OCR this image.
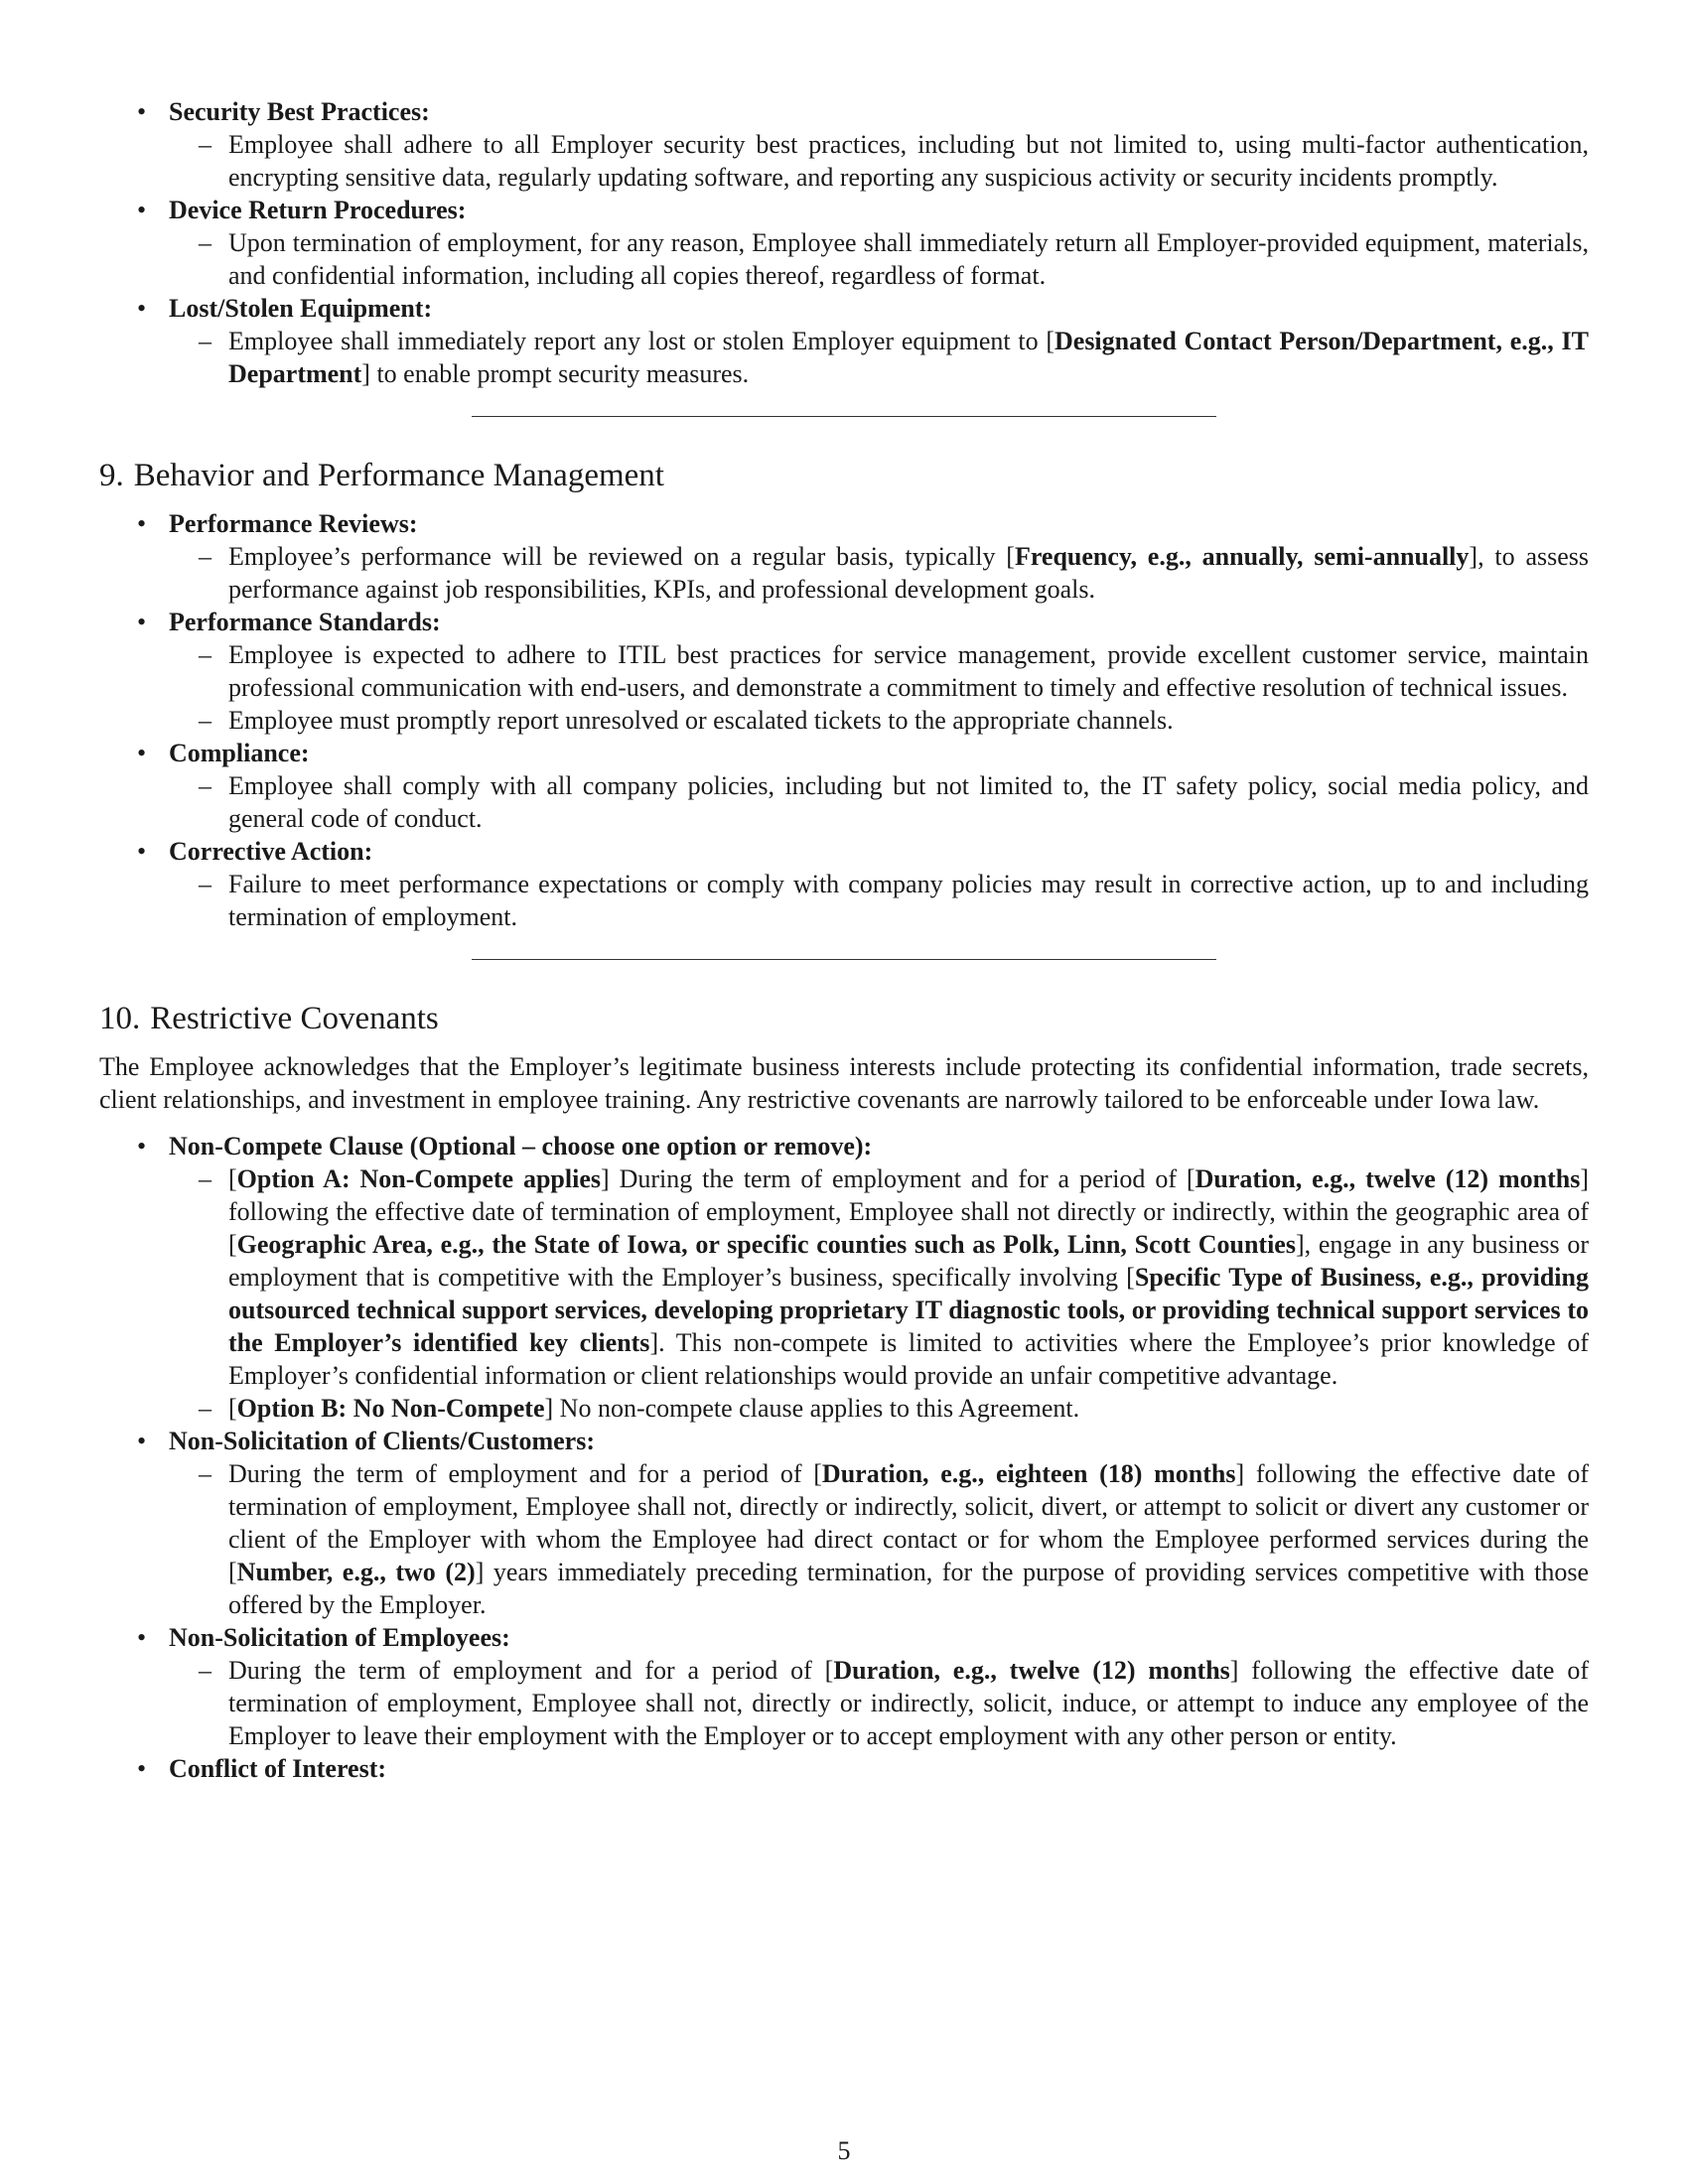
• Security Best Practices:
– Employee shall adhere to all Employer security best practices, including but not limited to, using multi-factor authentication, encrypting sensitive data, regularly updating software, and reporting any suspicious activity or security incidents promptly.
• Device Return Procedures:
– Upon termination of employment, for any reason, Employee shall immediately return all Employer-provided equipment, materials, and confidential information, including all copies thereof, regardless of format.
• Lost/Stolen Equipment:
– Employee shall immediately report any lost or stolen Employer equipment to [Designated Contact Person/Department, e.g., IT Department] to enable prompt security measures.
9. Behavior and Performance Management
• Performance Reviews:
– Employee’s performance will be reviewed on a regular basis, typically [Frequency, e.g., annually, semi-annually], to assess performance against job responsibilities, KPIs, and professional development goals.
• Performance Standards:
– Employee is expected to adhere to ITIL best practices for service management, provide excellent customer service, maintain professional communication with end-users, and demonstrate a commitment to timely and effective resolution of technical issues.
– Employee must promptly report unresolved or escalated tickets to the appropriate channels.
• Compliance:
– Employee shall comply with all company policies, including but not limited to, the IT safety policy, social media policy, and general code of conduct.
• Corrective Action:
– Failure to meet performance expectations or comply with company policies may result in corrective action, up to and including termination of employment.
10. Restrictive Covenants

The Employee acknowledges that the Employer’s legitimate business interests include protecting its confidential information, trade secrets, client relationships, and investment in employee training. Any restrictive covenants are narrowly tailored to be enforceable under Iowa law.

• Non-Compete Clause (Optional – choose one option or remove):
– [Option A: Non-Compete applies] During the term of employment and for a period of [Duration, e.g., twelve (12) months] following the effective date of termination of employment, Employee shall not directly or indirectly, within the geographic area of [Geographic Area, e.g., the State of Iowa, or specific counties such as Polk, Linn, Scott Counties], engage in any business or employment that is competitive with the Employer’s business, specifically involving [Specific Type of Business, e.g., providing outsourced technical support services, developing proprietary IT diagnostic tools, or providing technical support services to the Employer’s identified key clients]. This non-compete is limited to activities where the Employee’s prior knowledge of Employer’s confidential information or client relationships would provide an unfair competitive advantage.
– [Option B: No Non-Compete] No non-compete clause applies to this Agreement.
• Non-Solicitation of Clients/Customers:
– During the term of employment and for a period of [Duration, e.g., eighteen (18) months] following the effective date of termination of employment, Employee shall not, directly or indirectly, solicit, divert, or attempt to solicit or divert any customer or client of the Employer with whom the Employee had direct contact or for whom the Employee performed services during the [Number, e.g., two (2)] years immediately preceding termination, for the purpose of providing services competitive with those offered by the Employer.
• Non-Solicitation of Employees:
– During the term of employment and for a period of [Duration, e.g., twelve (12) months] following the effective date of termination of employment, Employee shall not, directly or indirectly, solicit, induce, or attempt to induce any employee of the Employer to leave their employment with the Employer or to accept employment with any other person or entity.
• Conflict of Interest:
5
